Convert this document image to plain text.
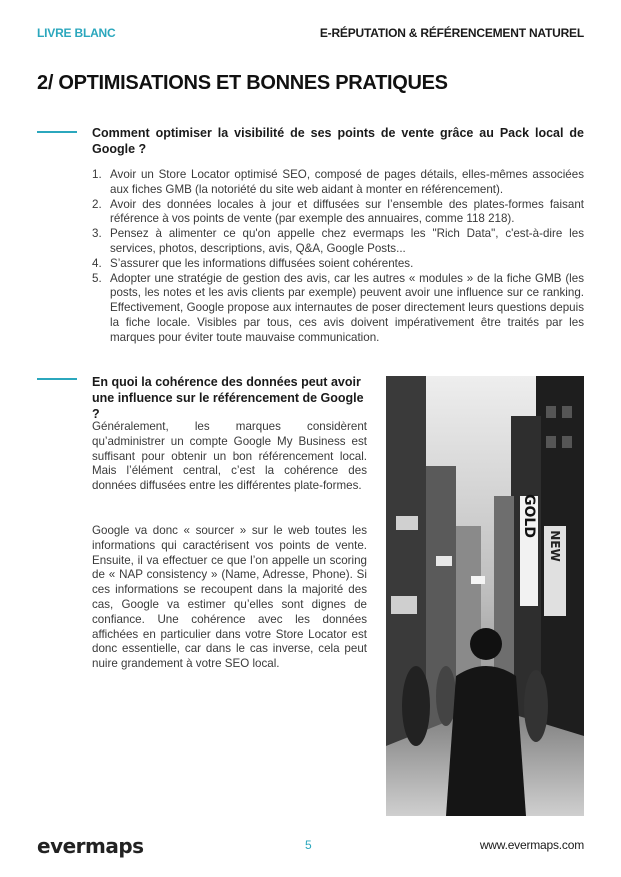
LIVRE BLANC	E-RÉPUTATION & RÉFÉRENCEMENT NATUREL
2/ OPTIMISATIONS ET BONNES PRATIQUES
Comment optimiser la visibilité de ses points de vente grâce au Pack local de Google ?
1. Avoir un Store Locator optimisé SEO, composé de pages détails, elles-mêmes associées aux fiches GMB (la notoriété du site web aidant à monter en référencement).
2. Avoir des données locales à jour et diffusées sur l’ensemble des plates-formes faisant référence à vos points de vente (par exemple des annuaires, comme 118 218).
3. Pensez à alimenter ce qu'on appelle chez evermaps les "Rich Data", c'est-à-dire les services, photos, descriptions, avis, Q&A, Google Posts...
4. S’assurer que les informations diffusées soient cohérentes.
5. Adopter une stratégie de gestion des avis, car les autres « modules » de la fiche GMB (les posts, les notes et les avis clients par exemple) peuvent avoir une influence sur ce ranking. Effectivement, Google propose aux internautes de poser directement leurs questions depuis la fiche locale. Visibles par tous, ces avis doivent impérativement être traités par les marques pour éviter toute mauvaise communication.
En quoi la cohérence des données peut avoir une influence sur le référencement de Google ?

Généralement, les marques considèrent qu’administrer un compte Google My Business est suffisant pour obtenir un bon référencement local. Mais l’élément central, c’est la cohérence des données diffusées entre les différentes plate-formes.

Google va donc « sourcer » sur le web toutes les informations qui caractérisent vos points de vente. Ensuite, il va effectuer ce que l’on appelle un scoring de « NAP consistency » (Name, Adresse, Phone). Si ces informations se recoupent dans la majorité des cas, Google va estimer qu’elles sont dignes de confiance. Une cohérence avec les données affichées en particulier dans votre Store Locator est donc essentielle, car dans le cas inverse, cela peut nuire grandement à votre SEO local.

GOLD
NEW
evermaps	5	www.evermaps.com
